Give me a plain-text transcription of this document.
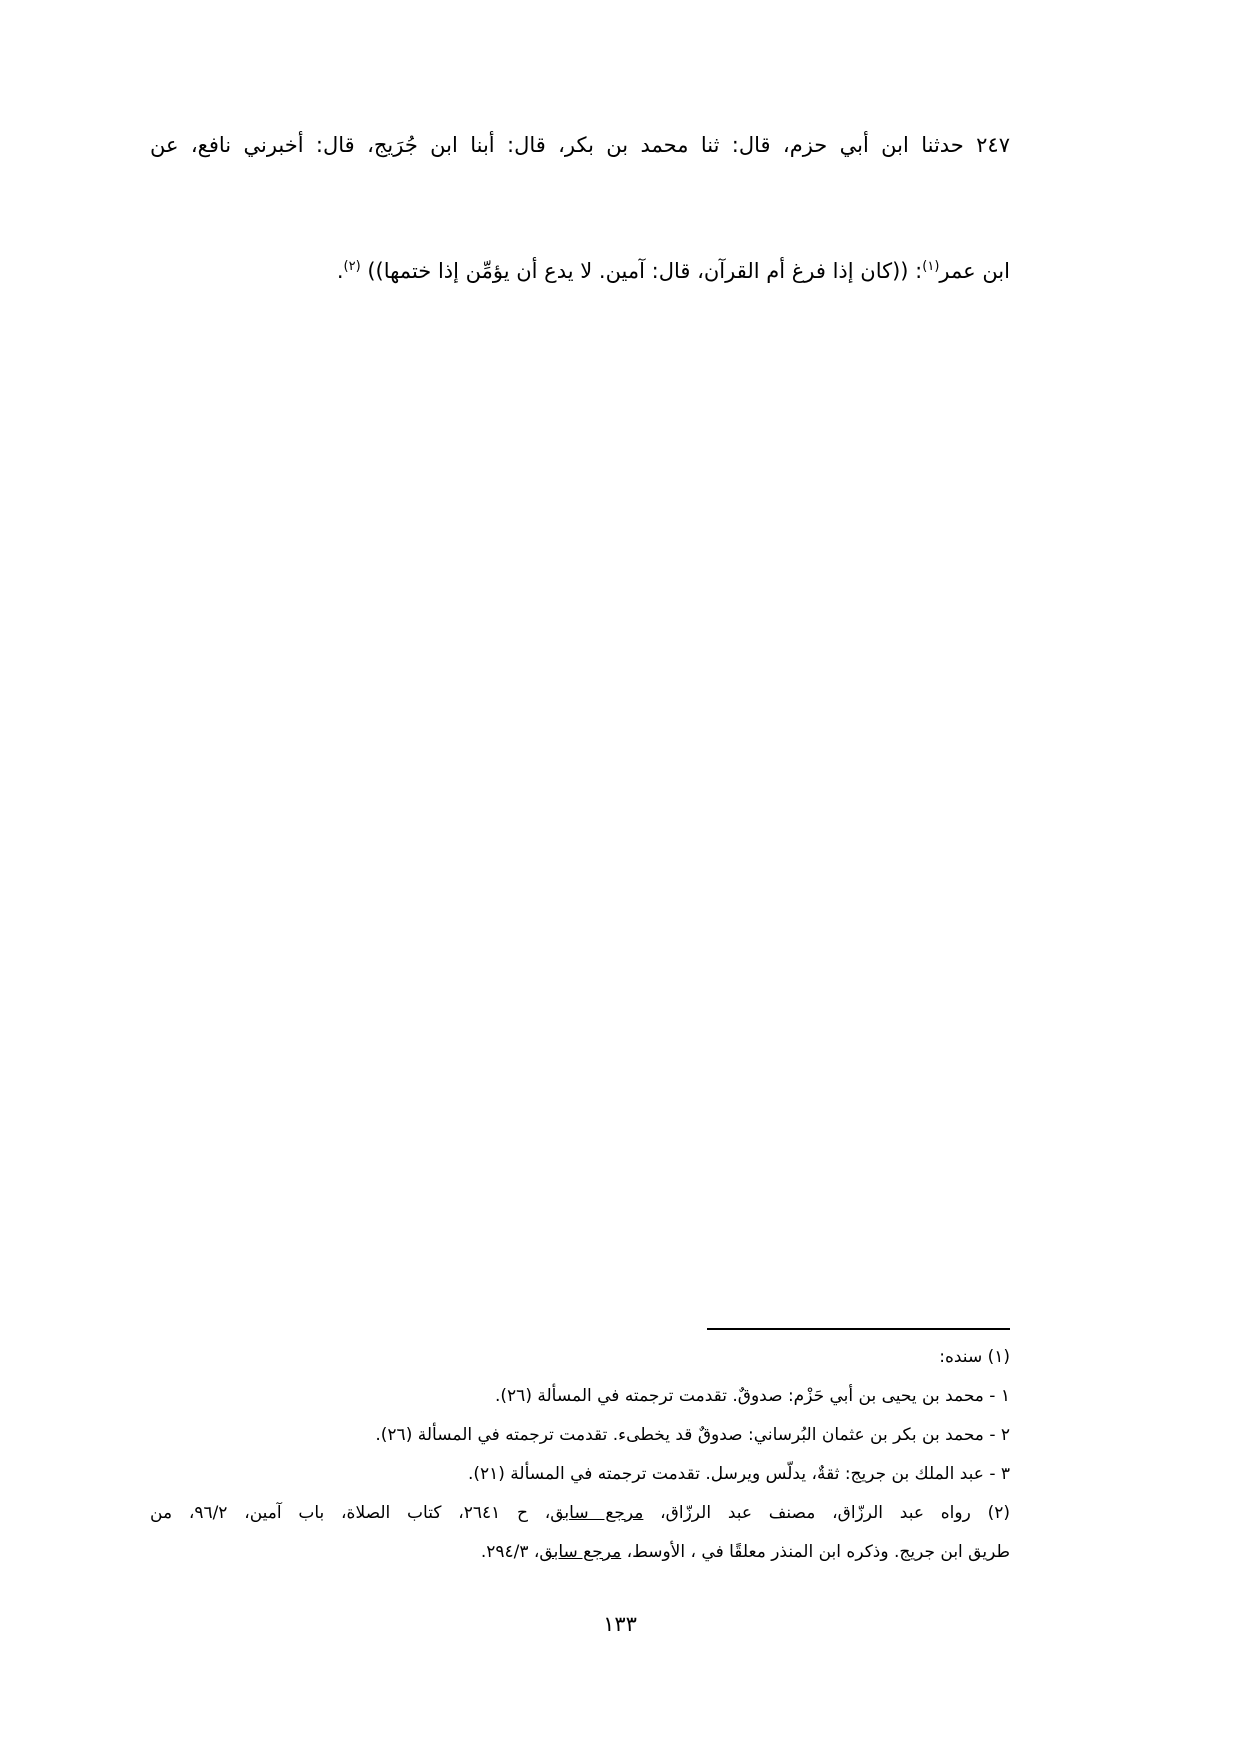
٢٤٧ حدثنا ابن أبي حزم، قال: ثنا محمد بن بكر، قال: أبنا ابن جُرَيج، قال: أخبرني نافع، عن
ابن عمر$^{(١)}$: ((كان إذا فرغ أم القرآن، قال: آمين. لا يدع أن يؤمِّن إذا ختمها)) $^{(٢)}$.
(١) سنده:
١ - محمد بن يحيى بن أبي حَزْم: صدوقٌ. تقدمت ترجمته في المسألة (٢٦).
٢ - محمد بن بكر بن عثمان البُرساني: صدوقٌ قد يخطىء. تقدمت ترجمته في المسألة (٢٦).
٣ - عبد الملك بن جريج: ثقةٌ، يدلّس ويرسل. تقدمت ترجمته في المسألة (٢١).
(٢) رواه عبد الرزّاق، مصنف عبد الرزّاق، مرجع سابق، ح ٢٦٤١، كتاب الصلاة، باب آمين، ٩٦/٢، من
طريق ابن جريج. وذكره ابن المنذر معلقًا في ، الأوسط، مرجع سابق، ٢٩٤/٣.
١٣٣
